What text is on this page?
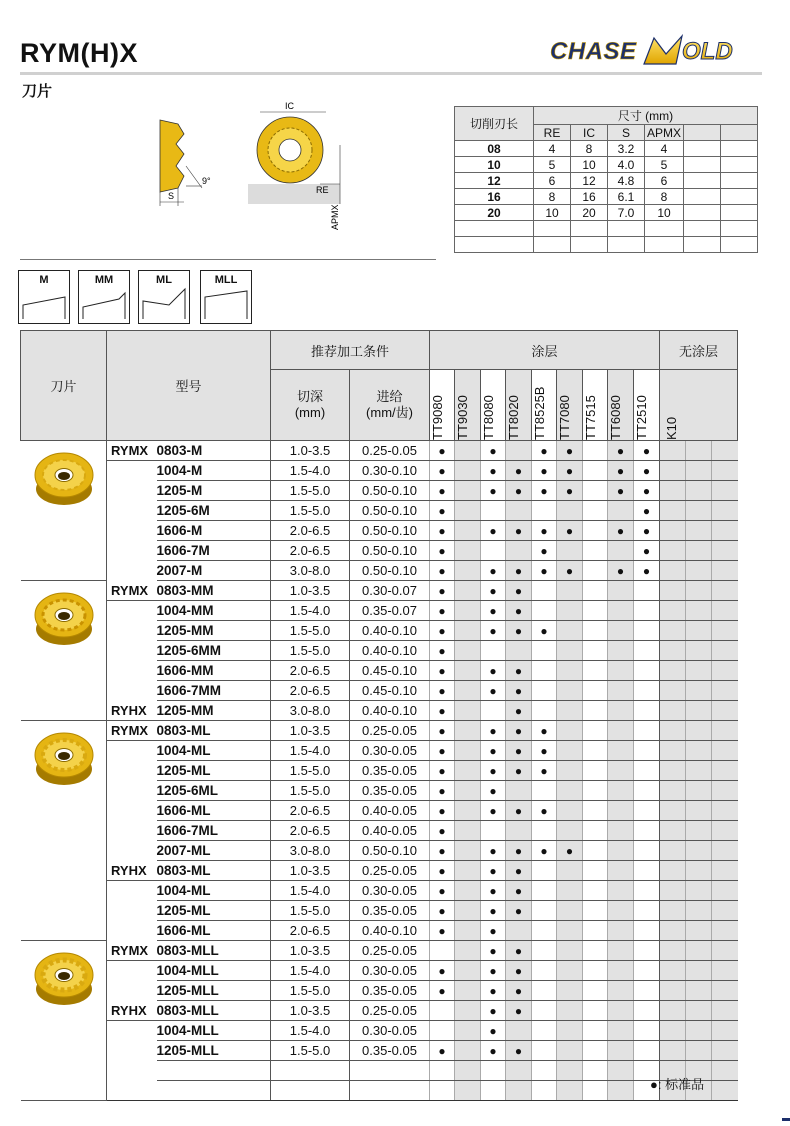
RYM(H)X
刀片
CHASE OLD
S
9°
IC
RE
APMX
切削刃长	尺寸 (mm)					
	RE	IC	S	APMX		
08	4	8	3.2	4		
10	5	10	4.0	5		
12	6	12	4.8	6		
16	8	16	6.1	8		
20	10	20	7.0	10		

M	MM	ML	MLL
刀片	型号		推荐加工条件		涂层									无涂层		
			切深
(mm)	进给
(mm/齿)	TT9080	TT9030	TT8080	TT8020	TT8525B	TT7080	TT7515	TT6080	TT2510	K10		

	RYMX	0803-M	1.0-3.5	0.25-0.05	●		●		●	●		●	●			
		1004-M	1.5-4.0	0.30-0.10	●		●	●	●	●		●	●			
		1205-M	1.5-5.0	0.50-0.10	●		●	●	●	●		●	●			
		1205-6M	1.5-5.0	0.50-0.10	●								●			
		1606-M	2.0-6.5	0.50-0.10	●		●	●	●	●		●	●			
		1606-7M	2.0-6.5	0.50-0.10	●				●				●			
		2007-M	3.0-8.0	0.50-0.10	●		●	●	●	●		●	●			

	RYMX	0803-MM	1.0-3.5	0.30-0.07	●		●	●								
		1004-MM	1.5-4.0	0.35-0.07	●		●	●								
		1205-MM	1.5-5.0	0.40-0.10	●		●	●	●							
		1205-6MM	1.5-5.0	0.40-0.10	●											
		1606-MM	2.0-6.5	0.45-0.10	●		●	●								
		1606-7MM	2.0-6.5	0.45-0.10	●		●	●								
	RYHX	1205-MM	3.0-8.0	0.40-0.10	●			●								

	RYMX	0803-ML	1.0-3.5	0.25-0.05	●		●	●	●							
		1004-ML	1.5-4.0	0.30-0.05	●		●	●	●							
		1205-ML	1.5-5.0	0.35-0.05	●		●	●	●							
		1205-6ML	1.5-5.0	0.35-0.05	●		●									
		1606-ML	2.0-6.5	0.40-0.05	●		●	●	●							
		1606-7ML	2.0-6.5	0.40-0.05	●											
		2007-ML	3.0-8.0	0.50-0.10	●		●	●	●	●						
	RYHX	0803-ML	1.0-3.5	0.25-0.05	●		●	●								
		1004-ML	1.5-4.0	0.30-0.05	●		●	●								
		1205-ML	1.5-5.0	0.35-0.05	●		●	●								
		1606-ML	2.0-6.5	0.40-0.10	●		●									

	RYMX	0803-MLL	1.0-3.5	0.25-0.05			●	●								
		1004-MLL	1.5-4.0	0.30-0.05	●		●	●								
		1205-MLL	1.5-5.0	0.35-0.05	●		●	●								
	RYHX	0803-MLL	1.0-3.5	0.25-0.05			●	●								
		1004-MLL	1.5-4.0	0.30-0.05			●									
		1205-MLL	1.5-5.0	0.35-0.05	●		●	●								

●: 标准品
